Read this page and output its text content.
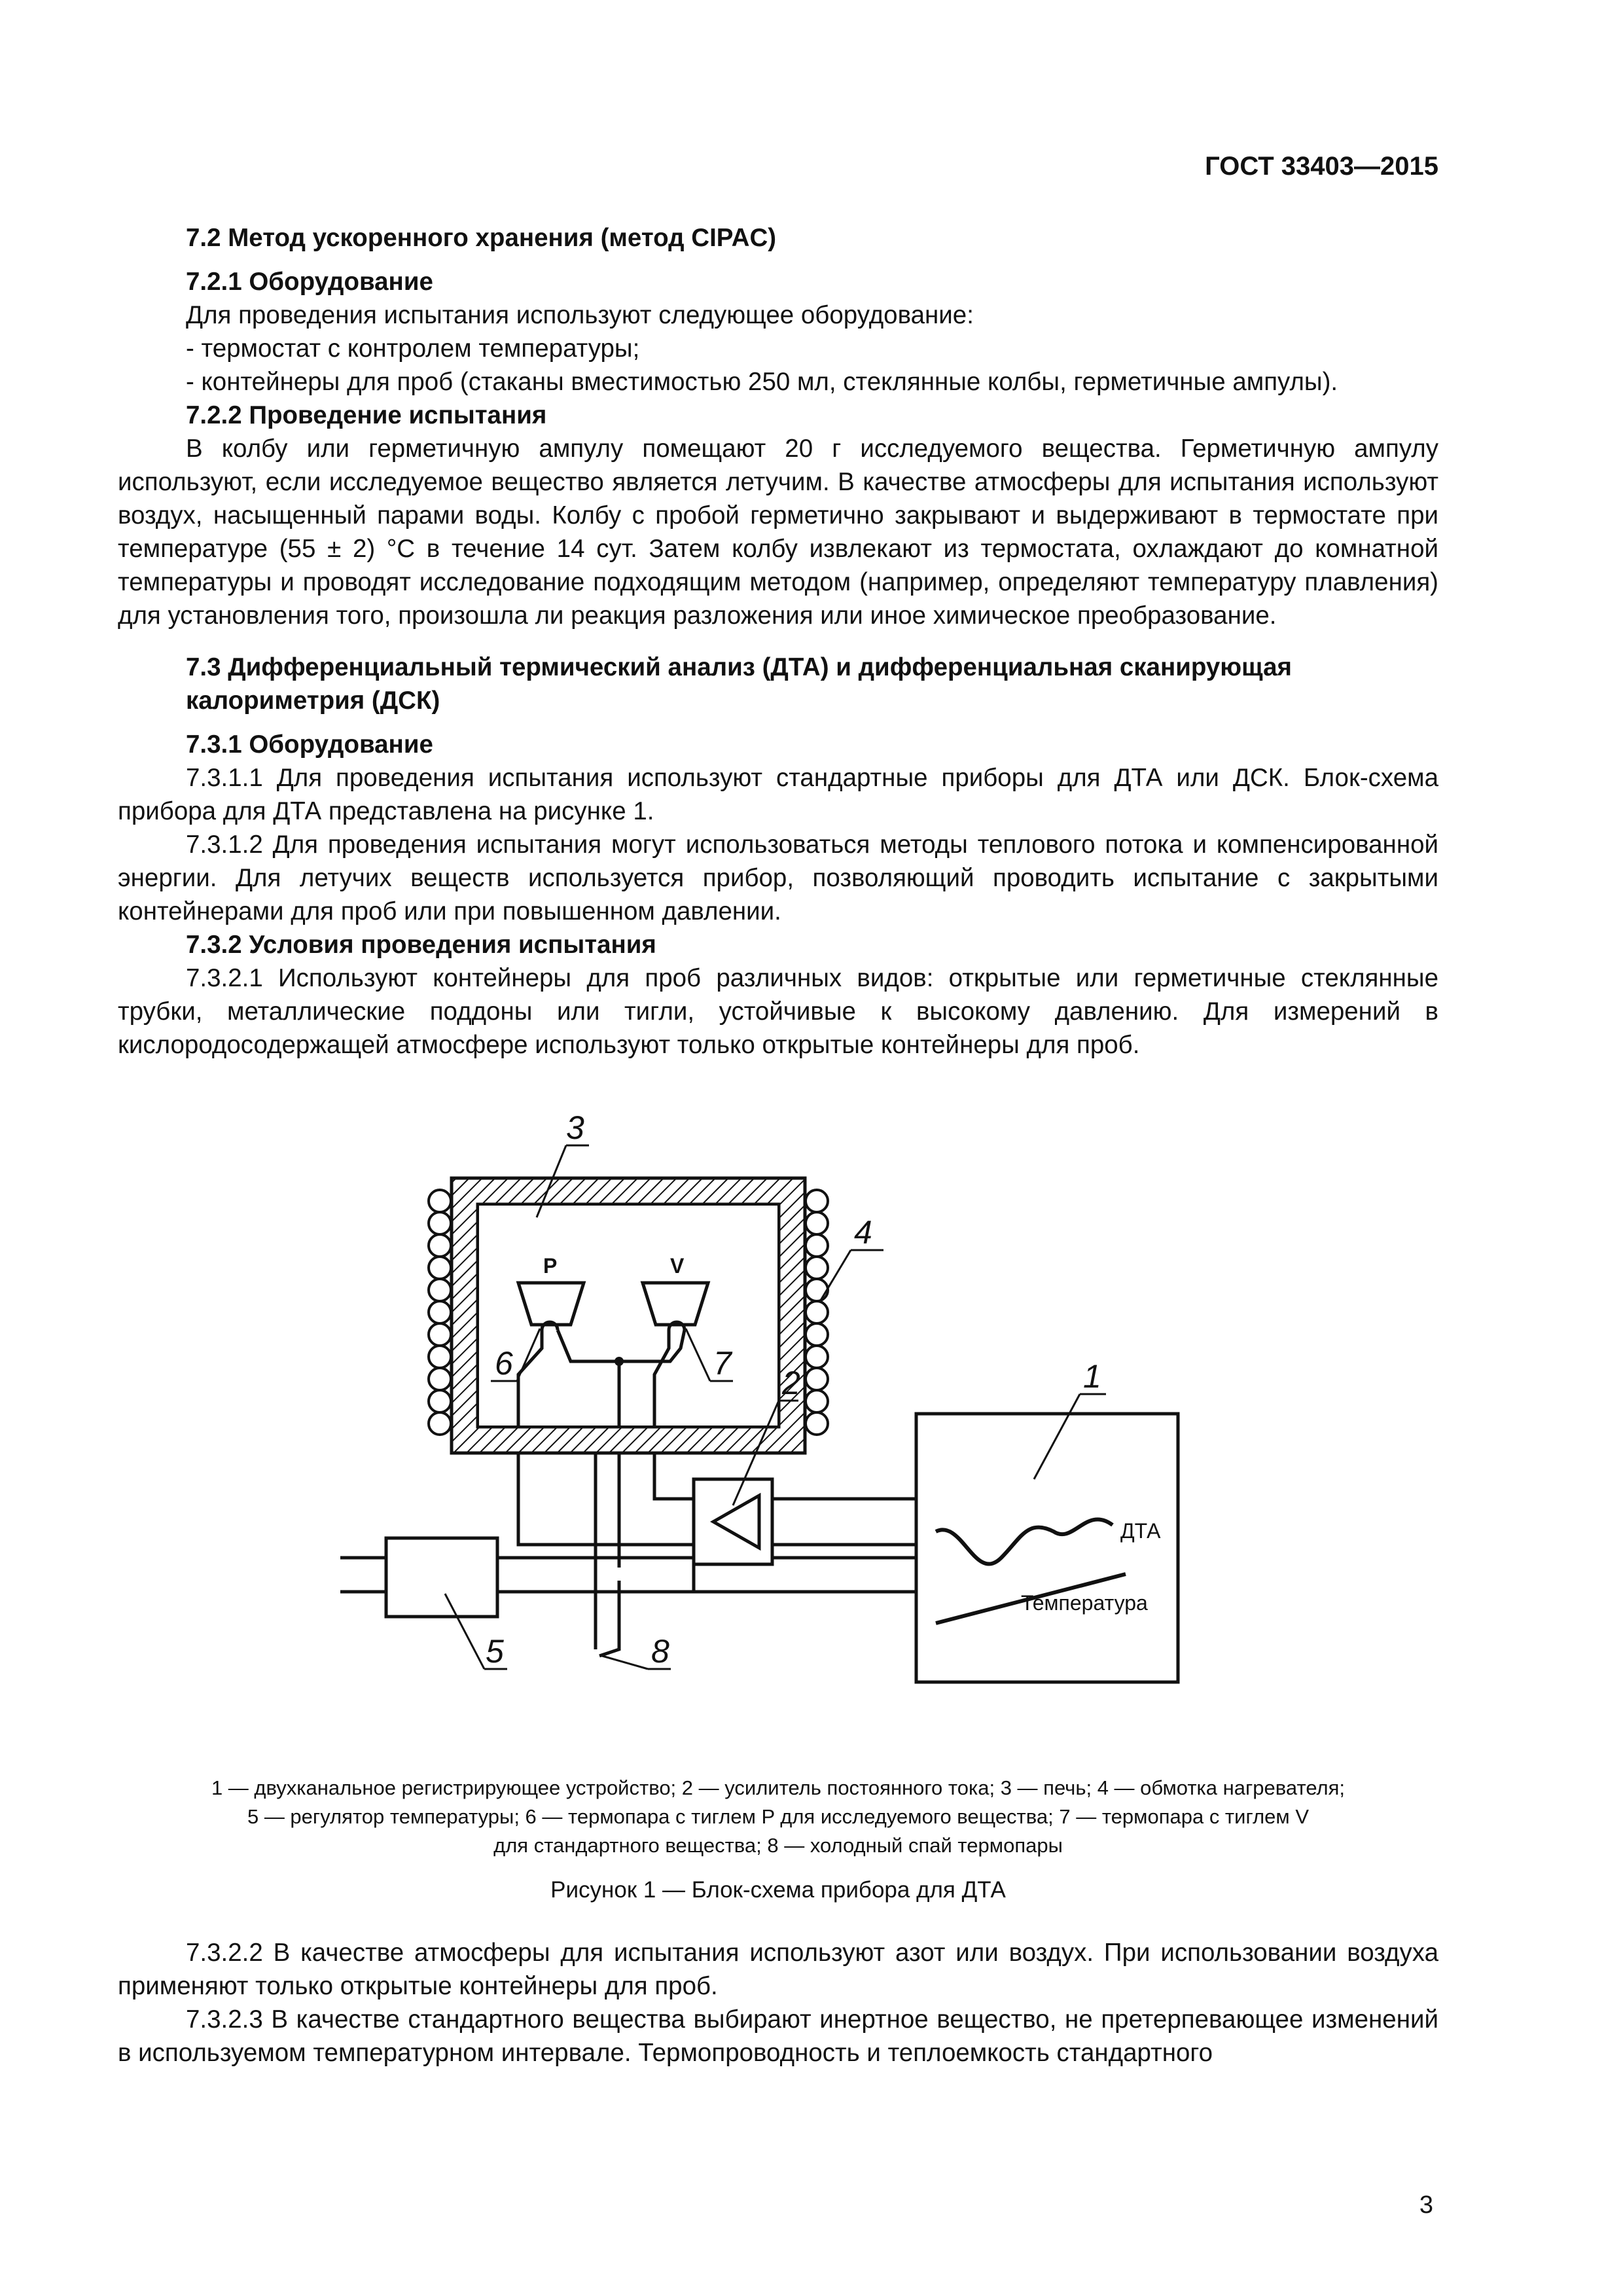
ГОСТ 33403—2015

7.2 Метод ускоренного хранения (метод CIPAC)
7.2.1 Оборудование

Для проведения испытания используют следующее оборудование:

- термостат с контролем температуры;
- контейнеры для проб (стаканы вместимостью 250 мл, стеклянные колбы, герметичные ампулы).
7.2.2 Проведение испытания

В колбу или герметичную ампулу помещают 20 г исследуемого вещества. Герметичную ампулу используют, если исследуемое вещество является летучим. В качестве атмосферы для испытания используют воздух, насыщенный парами воды. Колбу с пробой герметично закрывают и выдерживают в термостате при температуре (55 ± 2) °С в течение 14 сут. Затем колбу извлекают из термостата, охлаждают до комнатной температуры и проводят исследование подходящим методом (например, определяют температуру плавления) для установления того, произошла ли реакция разложения или иное химическое преобразование.

7.3 Дифференциальный термический анализ (ДТА) и дифференциальная сканирующая калориметрия (ДСК)
7.3.1 Оборудование

7.3.1.1 Для проведения испытания используют стандартные приборы для ДТА или ДСК. Блок-схема прибора для ДТА представлена на рисунке 1.

7.3.1.2 Для проведения испытания могут использоваться методы теплового потока и компенсированной энергии. Для летучих веществ используется прибор, позволяющий проводить испытание с закрытыми контейнерами для проб или при повышенном давлении.

7.3.2 Условия проведения испытания

7.3.2.1 Используют контейнеры для проб различных видов: открытые или герметичные стеклянные трубки, металлические поддоны или тигли, устойчивые к высокому давлению. Для измерений в кислородосодержащей атмосфере используют только открытые контейнеры для проб.

3
4
2	1
5	8
6	7
P	V
ДТА
Температура

1 — двухканальное регистрирующее устройство; 2 — усилитель постоянного тока; 3 — печь; 4 — обмотка нагревателя;

5 — регулятор температуры; 6 — термопара с тиглем P для исследуемого вещества; 7 — термопара с тиглем V

для стандартного вещества; 8 — холодный спай термопары

Рисунок 1 — Блок-схема прибора для ДТА

7.3.2.2 В качестве атмосферы для испытания используют азот или воздух. При использовании воздуха применяют только открытые контейнеры для проб.

7.3.2.3 В качестве стандартного вещества выбирают инертное вещество, не претерпевающее изменений в используемом температурном интервале. Термопроводность и теплоемкость стандартного

3
